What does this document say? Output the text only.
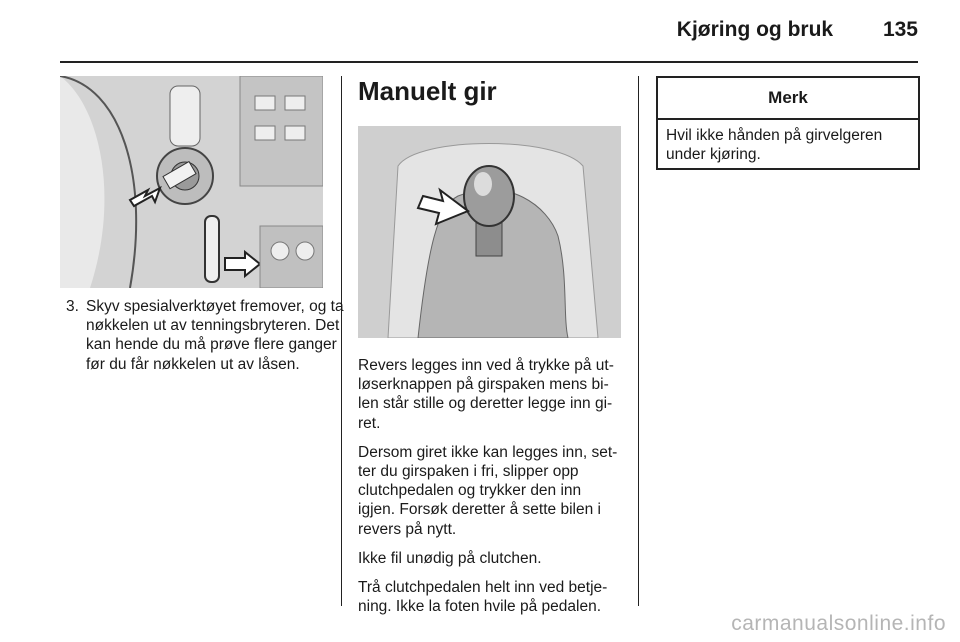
Kjøring og bruk 135
3. Skyv spesialverktøyet fremover, og ta nøkkelen ut av tenningsbryteren. Det kan hende du må prøve flere ganger før du får nøkkelen ut av låsen.
Manuelt gir

Revers legges inn ved å trykke på utløserknappen på girspaken mens bilen står stille og deretter legge inn giret.

Dersom giret ikke kan legges inn, setter du girspaken i fri, slipper opp clutchpedalen og trykker den inn igjen. Forsøk deretter å sette bilen i revers på nytt.

Ikke fil unødig på clutchen.

Trå clutchpedalen helt inn ved betjening. Ikke la foten hvile på pedalen.

Merk
Hvil ikke hånden på girvelgeren under kjøring.
carmanualsonline.info
